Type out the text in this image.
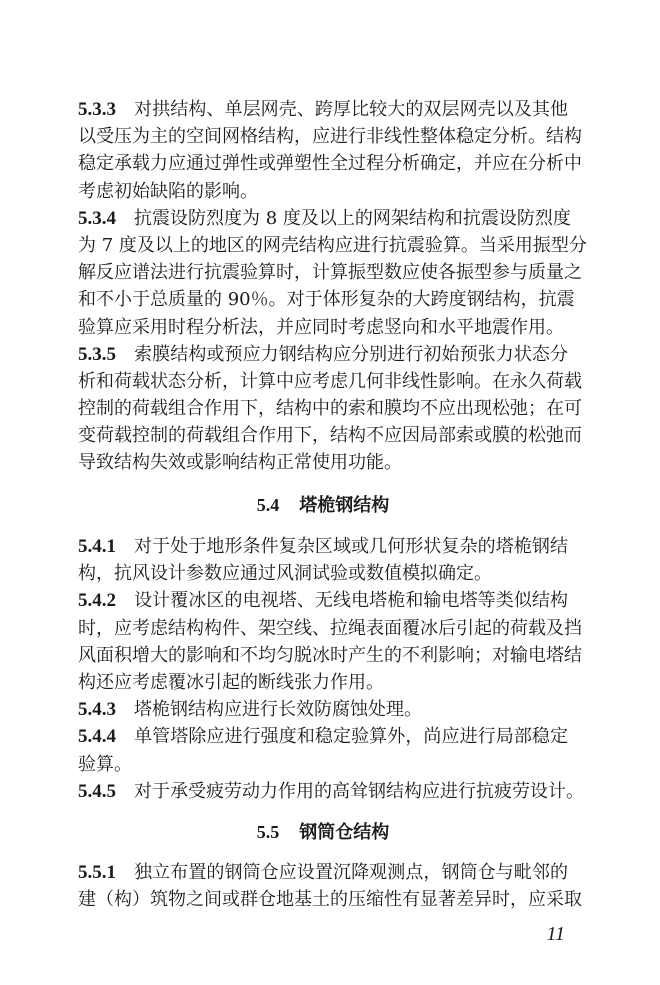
5.3.3 对拱结构、单层网壳、跨厚比较大的双层网壳以及其他
以受压为主的空间网格结构，应进行非线性整体稳定分析。结构
稳定承载力应通过弹性或弹塑性全过程分析确定，并应在分析中
考虑初始缺陷的影响。
5.3.4 抗震设防烈度为 8 度及以上的网架结构和抗震设防烈度
为 7 度及以上的地区的网壳结构应进行抗震验算。当采用振型分
解反应谱法进行抗震验算时，计算振型数应使各振型参与质量之
和不小于总质量的 90％。对于体形复杂的大跨度钢结构，抗震
验算应采用时程分析法，并应同时考虑竖向和水平地震作用。
5.3.5 索膜结构或预应力钢结构应分别进行初始预张力状态分
析和荷载状态分析，计算中应考虑几何非线性影响。在永久荷载
控制的荷载组合作用下，结构中的索和膜均不应出现松弛；在可
变荷载控制的荷载组合作用下，结构不应因局部索或膜的松弛而
导致结构失效或影响结构正常使用功能。
5.4 塔桅钢结构
5.4.1 对于处于地形条件复杂区域或几何形状复杂的塔桅钢结
构，抗风设计参数应通过风洞试验或数值模拟确定。
5.4.2 设计覆冰区的电视塔、无线电塔桅和输电塔等类似结构
时，应考虑结构构件、架空线、拉绳表面覆冰后引起的荷载及挡
风面积增大的影响和不均匀脱冰时产生的不利影响；对输电塔结
构还应考虑覆冰引起的断线张力作用。
5.4.3 塔桅钢结构应进行长效防腐蚀处理。
5.4.4 单管塔除应进行强度和稳定验算外，尚应进行局部稳定
验算。
5.4.5 对于承受疲劳动力作用的高耸钢结构应进行抗疲劳设计。
5.5 钢筒仓结构
5.5.1 独立布置的钢筒仓应设置沉降观测点，钢筒仓与毗邻的
建（构）筑物之间或群仓地基土的压缩性有显著差异时，应采取
11
